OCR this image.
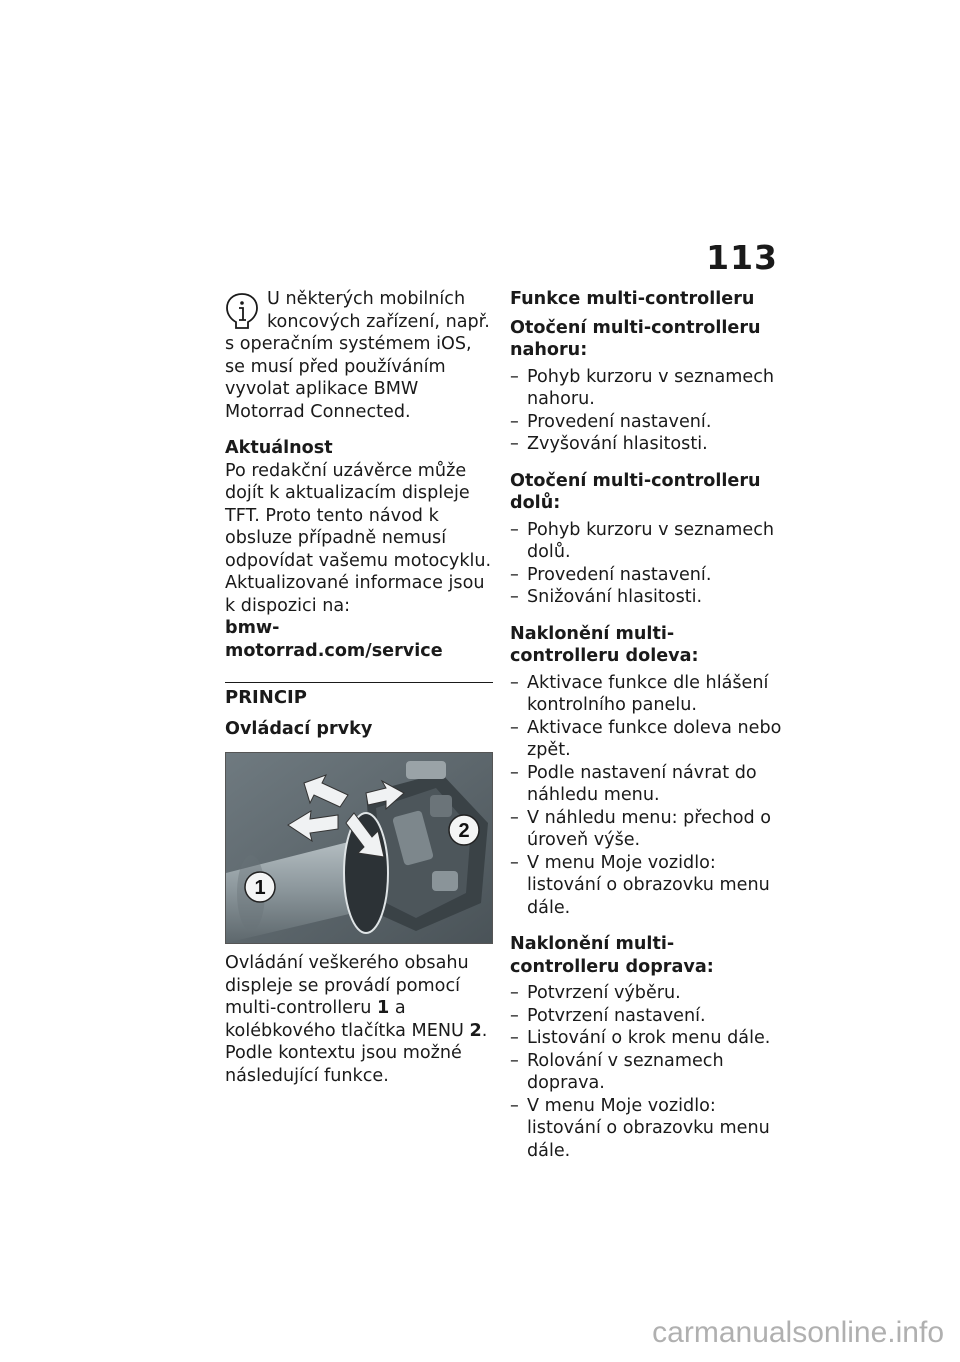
113

U některých mobilních koncových zařízení, např.

s operačním systémem iOS, se musí před používáním vyvolat aplikace BMW Motorrad Connected.

Aktuálnost

Po redakční uzávěrce může dojít k aktualizacím displeje TFT. Proto tento návod k obsluze případně nemusí odpovídat vašemu motocyklu. Aktualizované informace jsou k dispozici na:

bmw-motorrad.com/service

PRINCIP

Ovládací prvky

1
2

Ovládání veškerého obsahu displeje se provádí pomocí multi-controlleru 1 a kolébkového tlačítka MENU 2.

Podle kontextu jsou možné následující funkce.

Funkce multi-controlleru

Otočení multi-controlleru nahoru:

– Pohyb kurzoru v seznamech nahoru.
– Provedení nastavení.
– Zvyšování hlasitosti.

Otočení multi-controlleru dolů:

– Pohyb kurzoru v seznamech dolů.
– Provedení nastavení.
– Snižování hlasitosti.

Naklonění multi-controlleru doleva:

– Aktivace funkce dle hlášení kontrolního panelu.
– Aktivace funkce doleva nebo zpět.
– Podle nastavení návrat do náhledu menu.
– V náhledu menu: přechod o úroveň výše.
– V menu Moje vozidlo: listování o obrazovku menu dále.

Naklonění multi-controlleru doprava:

– Potvrzení výběru.
– Potvrzení nastavení.
– Listování o krok menu dále.
– Rolování v seznamech doprava.
– V menu Moje vozidlo: listování o obrazovku menu dále.
carmanualsonline.info
